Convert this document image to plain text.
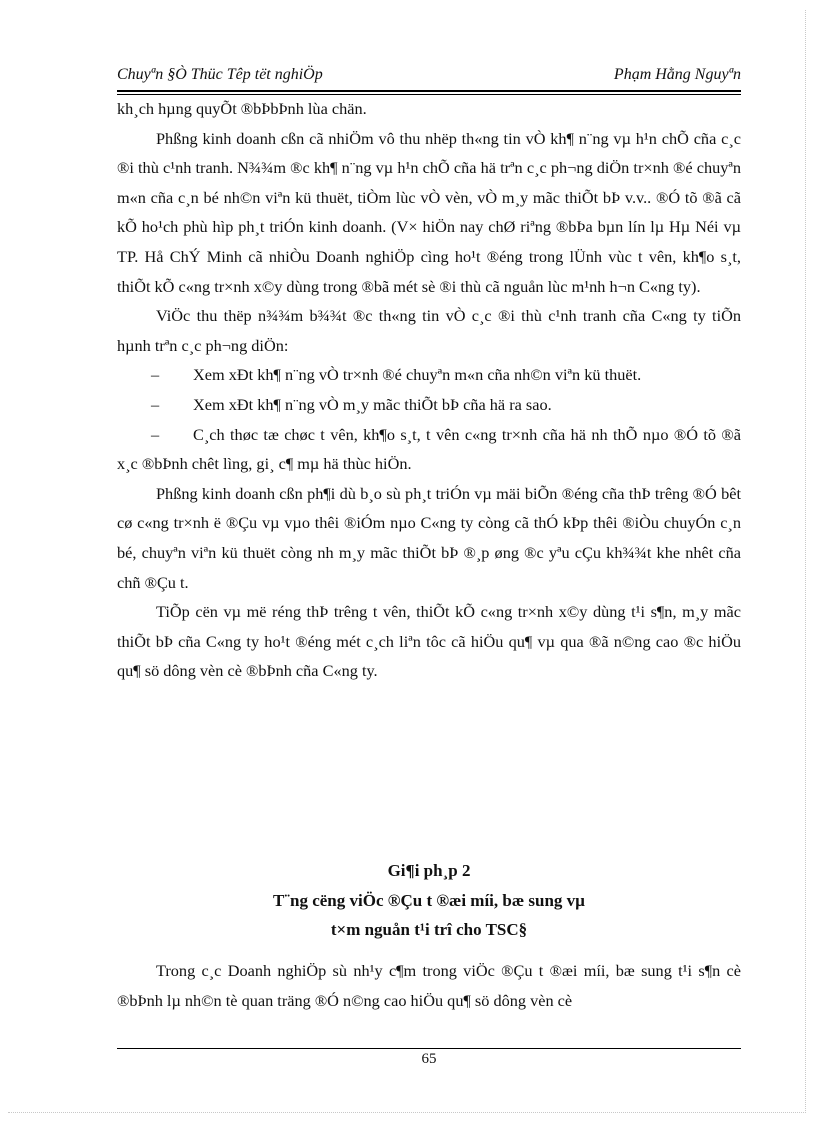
Chuyªn §Ò Thüc Têp tët nghiÖp	Phạm Hằng Nguyªn

kh¸ch hµng quyÕt ®bÞbÞnh lùa chän.

Phßng kinh doanh cßn cã nhiÖm vô thu nhëp th«ng tin vÒ kh¶ n¨ng vµ h¹n chÕ cña c¸c ®i thù c¹nh tranh. N¾¾m ®c kh¶ n¨ng vµ h¹n chÕ cña hä trªn c¸c ph¬ng diÖn tr×nh ®é chuyªn m«n cña c¸n bé nh©n viªn kü thuët, tiÒm lùc vÒ vèn, vÒ m¸y mãc thiÕt bÞ v.v.. ®Ó tõ ®ã cã kÕ ho¹ch phù hìp ph¸t triÓn kinh doanh. (V× hiÖn nay chØ riªng ®bÞa bµn lín lµ Hµ Néi vµ TP. Hå ChÝ Minh cã nhiÒu Doanh nghiÖp cìng ho¹t ®éng trong lÜnh vùc t vên, kh¶o s¸t, thiÕt kÕ c«ng tr×nh x©y dùng trong ®bã mét sè ®i thù cã nguån lùc m¹nh h¬n C«ng ty).

ViÖc thu thëp n¾¾m b¾¾t ®c th«ng tin vÒ c¸c ®i thù c¹nh tranh cña C«ng ty tiÕn hµnh trªn c¸c ph¬ng diÖn:

– Xem xÐt kh¶ n¨ng vÒ tr×nh ®é chuyªn m«n cña nh©n viªn kü thuët.

– Xem xÐt kh¶ n¨ng vÒ m¸y mãc thiÕt bÞ cña hä ra sao.

– C¸ch thøc tæ chøc t vên, kh¶o s¸t, t vên c«ng tr×nh cña hä nh thÕ nµo ®Ó tõ ®ã x¸c ®bÞnh chêt lìng, gi¸ c¶ mµ hä thùc hiÖn.

Phßng kinh doanh cßn ph¶i dù b¸o sù ph¸t triÓn vµ mäi biÕn ®éng cña thÞ trêng ®Ó bêt cø c«ng tr×nh ë ®Çu vµ vµo thêi ®iÓm nµo C«ng ty còng cã thÓ kÞp thêi ®iÒu chuyÓn c¸n bé, chuyªn viªn kü thuët còng nh m¸y mãc thiÕt bÞ ®¸p øng ®c yªu cÇu kh¾¾t khe nhêt cña chñ ®Çu t.

TiÕp cën vµ më réng thÞ trêng t vên, thiÕt kÕ c«ng tr×nh x©y dùng t¹i s¶n, m¸y mãc thiÕt bÞ cña C«ng ty ho¹t ®éng mét c¸ch liªn tôc cã hiÖu qu¶ vµ qua ®ã n©ng cao ®c hiÖu qu¶ sö dông vèn cè ®bÞnh cña C«ng ty.

Gi¶i ph¸p 2
T¨ng cëng viÖc ®Çu t ®æi míi, bæ sung vµ
t×m nguån t¹i trî cho TSC§

Trong c¸c Doanh nghiÖp sù nh¹y c¶m trong viÖc ®Çu t ®æi míi, bæ sung t¹i s¶n cè ®bÞnh lµ nh©n tè quan träng ®Ó n©ng cao hiÖu qu¶ sö dông vèn cè

65
